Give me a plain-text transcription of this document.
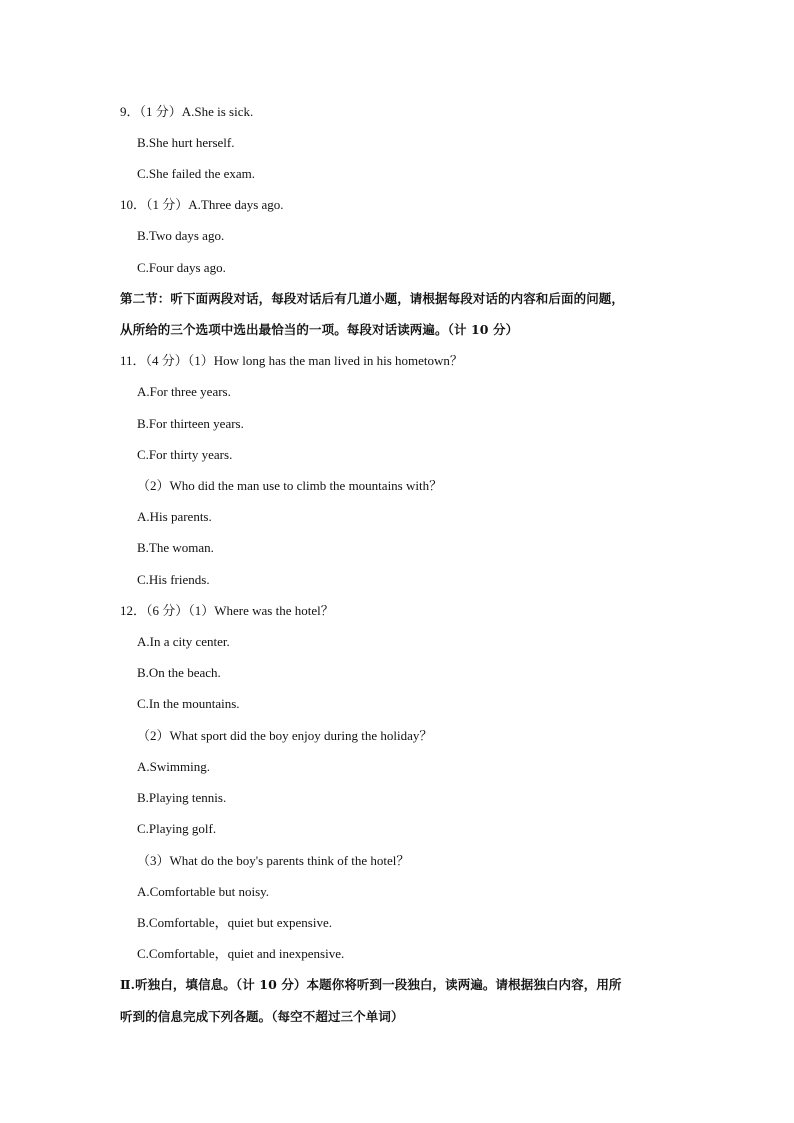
9．（1 分）A.She is sick.
B.She hurt herself.
C.She failed the exam.
10．（1 分）A.Three days ago.
B.Two days ago.
C.Four days ago.
第二节：听下面两段对话，每段对话后有几道小题，请根据每段对话的内容和后面的问题，
从所给的三个选项中选出最恰当的一项。每段对话读两遍。（计 10 分）
11．（4 分）（1）How long has the man lived in his hometown？
A.For three years.
B.For thirteen years.
C.For thirty years.
（2）Who did the man use to climb the mountains with？
A.His parents.
B.The woman.
C.His friends.
12．（6 分）（1）Where was the hotel？
A.In a city center.
B.On the beach.
C.In the mountains.
（2）What sport did the boy enjoy during the holiday？
A.Swimming.
B.Playing tennis.
C.Playing golf.
（3）What do the boy's parents think of the hotel？
A.Comfortable but noisy.
B.Comfortable，quiet but expensive.
C.Comfortable，quiet and inexpensive.
Ⅱ.听独白，填信息。（计 10 分）本题你将听到一段独白，读两遍。请根据独白内容，用所
听到的信息完成下列各题。（每空不超过三个单词）
